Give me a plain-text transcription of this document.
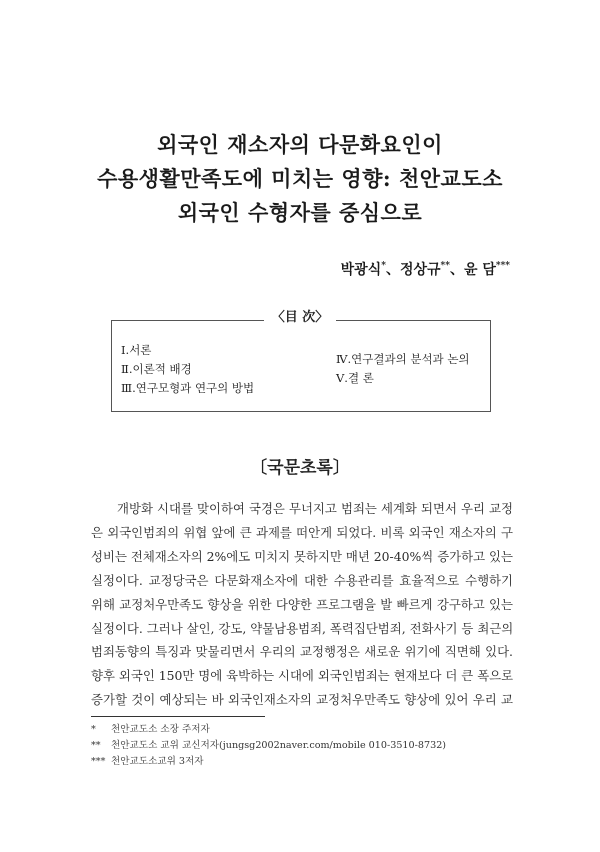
외국인 재소자의 다문화요인이
수용생활만족도에 미치는 영향: 천안교도소
외국인 수형자를 중심으로
박광식*、정상규**、윤 담***
〈目 次〉
Ⅰ.서론
Ⅱ.이론적 배경
Ⅲ.연구모형과 연구의 방법
Ⅳ.연구결과의 분석과 논의
Ⅴ.결 론
〔국문초록〕
개방화 시대를 맞이하여 국경은 무너지고 범죄는 세계화 되면서 우리 교정
은 외국인범죄의 위협 앞에 큰 과제를 떠안게 되었다. 비록 외국인 재소자의 구
성비는 전체재소자의 2%에도 미치지 못하지만 매년 20-40%씩 증가하고 있는
실정이다. 교정당국은 다문화재소자에 대한 수용관리를 효율적으로 수행하기
위해 교정처우만족도 향상을 위한 다양한 프로그램을 발 빠르게 강구하고 있는
실정이다. 그러나 살인, 강도, 약물남용범죄, 폭력집단범죄, 전화사기 등 최근의
범죄동향의 특징과 맞물리면서 우리의 교정행정은 새로운 위기에 직면해 있다.
향후 외국인 150만 명에 육박하는 시대에 외국인범죄는 현재보다 더 큰 폭으로
증가할 것이 예상되는 바 외국인재소자의 교정처우만족도 향상에 있어 우리 교
* 천안교도소 소장 주저자
** 천안교도소 교위 교신저자(jungsg2002naver.com/mobile 010-3510-8732)
*** 천안교도소교위 3저자
